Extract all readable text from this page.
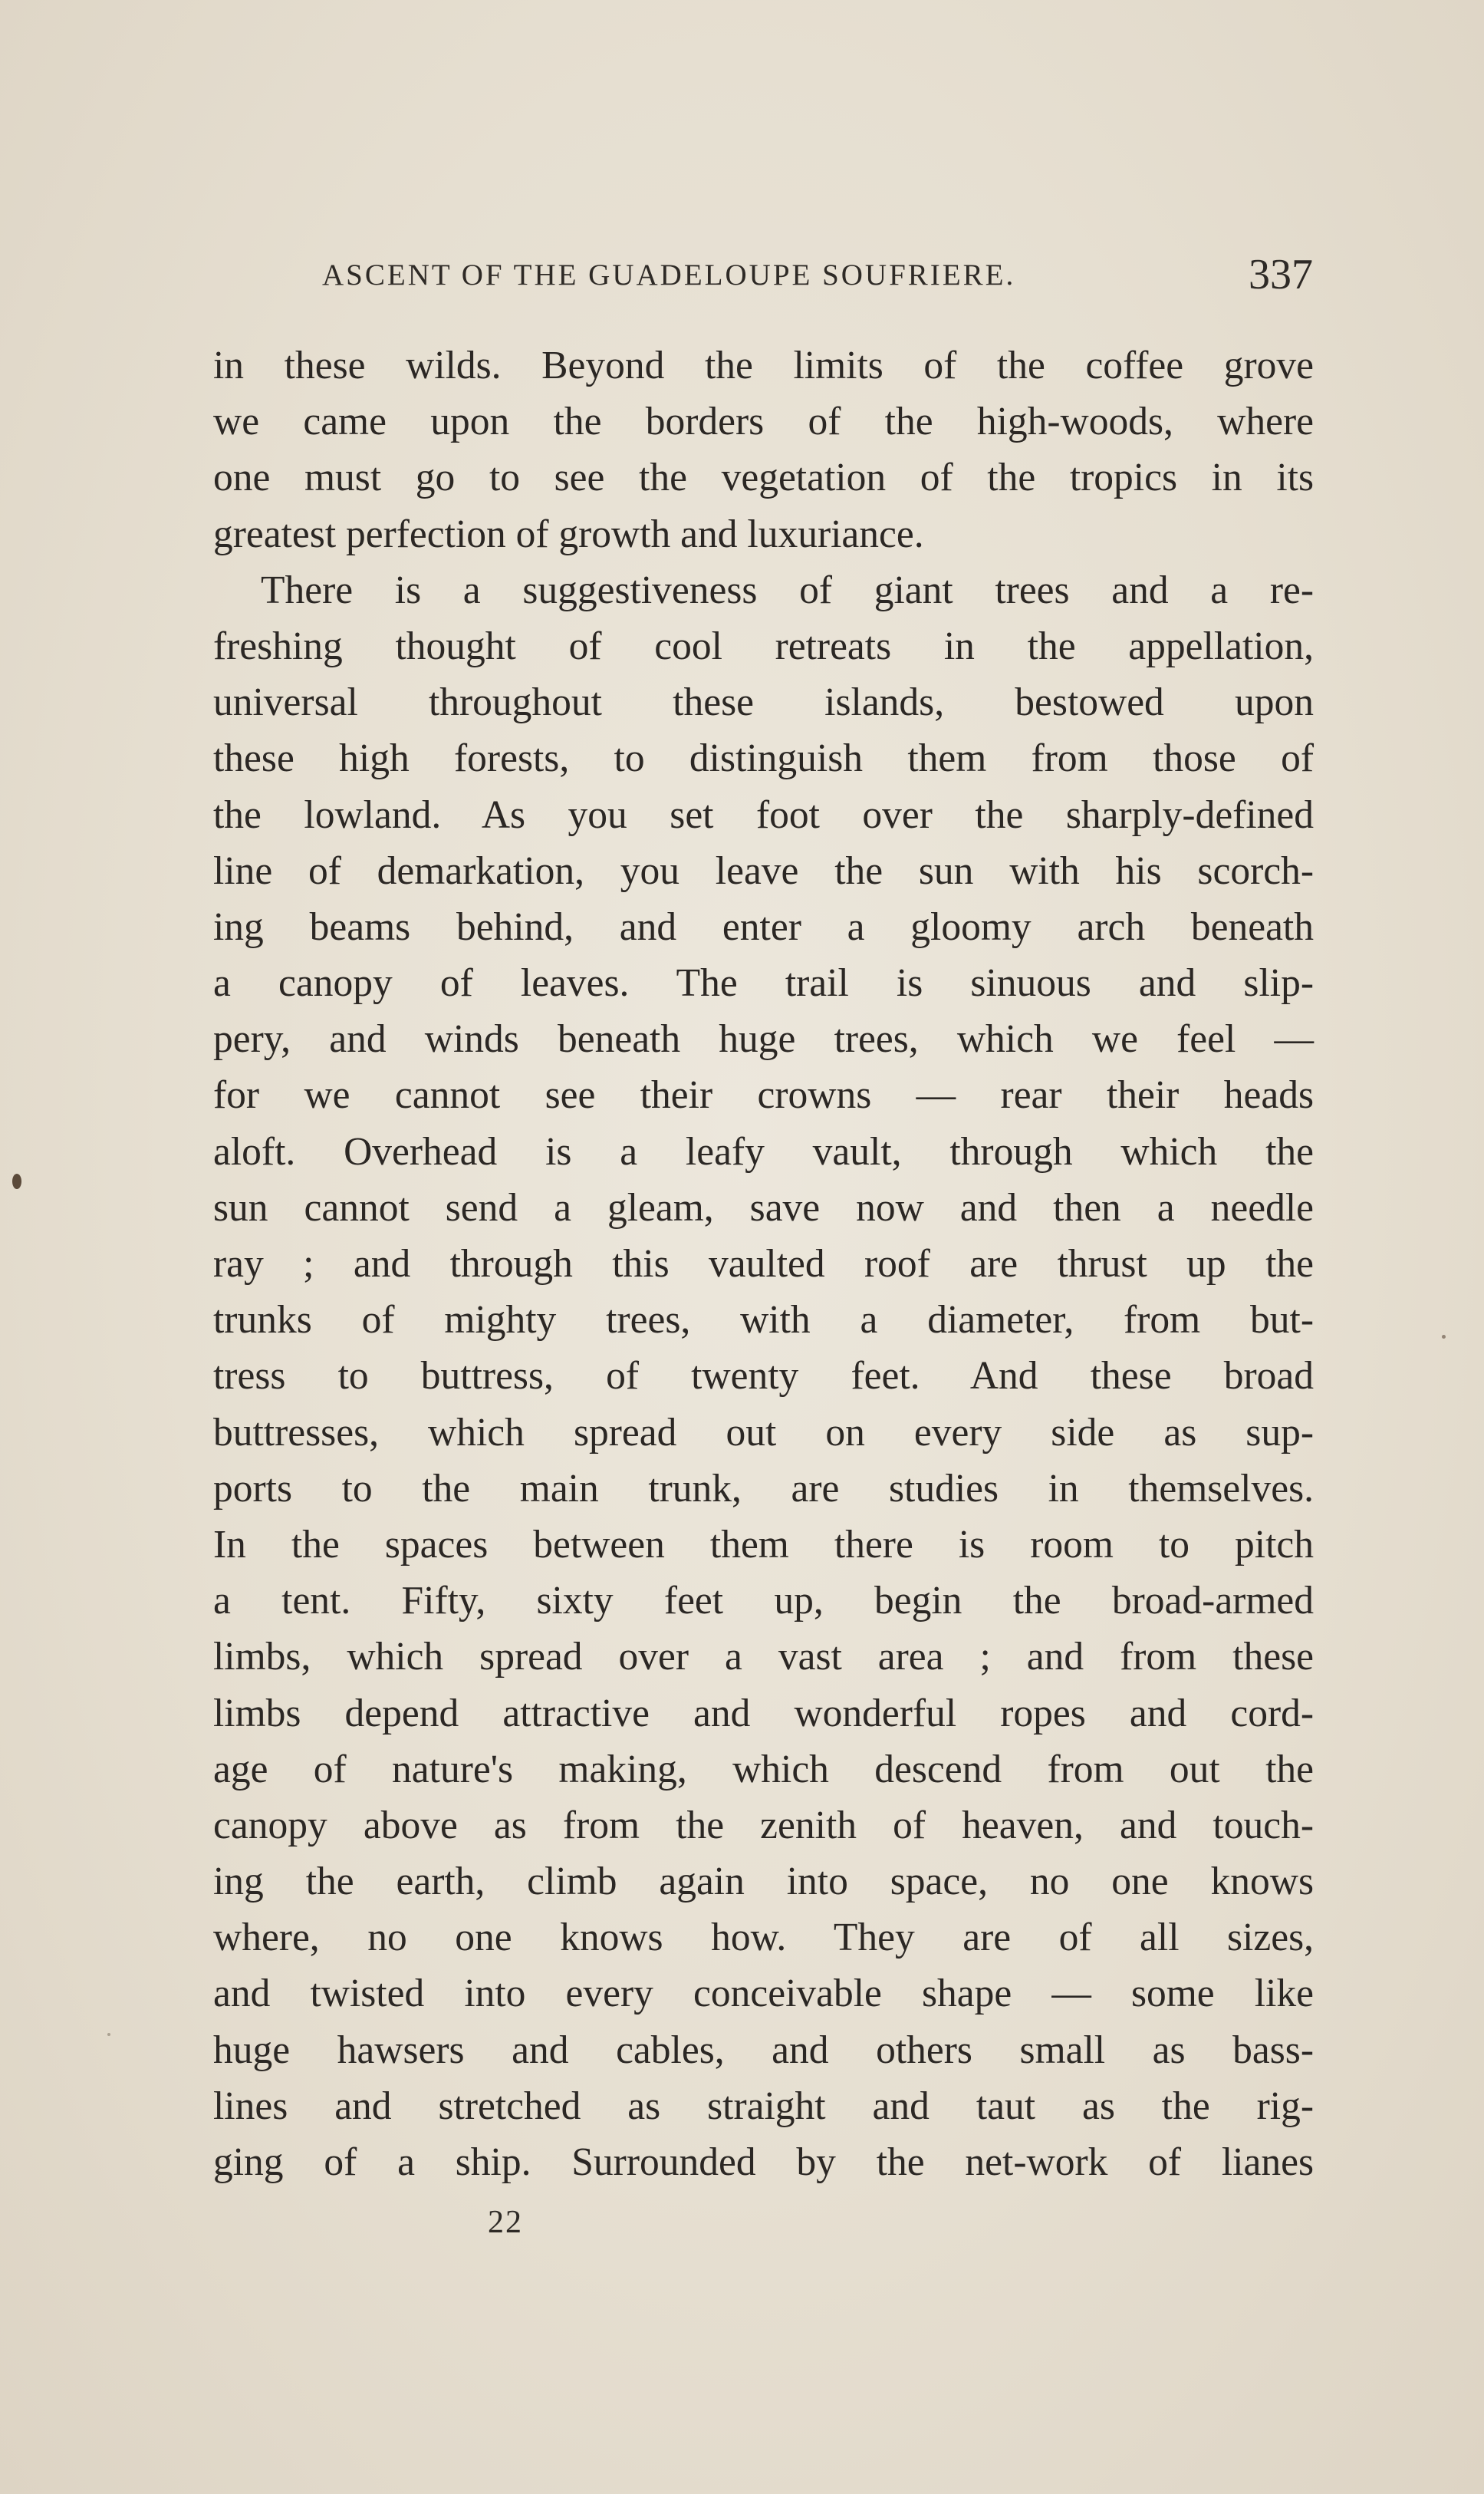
ASCENT OF THE GUADELOUPE SOUFRIERE.	337
in these wilds. Beyond the limits of the coffee grove
we came upon the borders of the high-woods, where
one must go to see the vegetation of the tropics in its
greatest perfection of growth and luxuriance.
There is a suggestiveness of giant trees and a re-
freshing thought of cool retreats in the appellation,
universal throughout these islands, bestowed upon
these high forests, to distinguish them from those of
the lowland. As you set foot over the sharply-defined
line of demarkation, you leave the sun with his scorch-
ing beams behind, and enter a gloomy arch beneath
a canopy of leaves. The trail is sinuous and slip-
pery, and winds beneath huge trees, which we feel —
for we cannot see their crowns — rear their heads
aloft. Overhead is a leafy vault, through which the
sun cannot send a gleam, save now and then a needle
ray ; and through this vaulted roof are thrust up the
trunks of mighty trees, with a diameter, from but-
tress to buttress, of twenty feet. And these broad
buttresses, which spread out on every side as sup-
ports to the main trunk, are studies in themselves.
In the spaces between them there is room to pitch
a tent. Fifty, sixty feet up, begin the broad-armed
limbs, which spread over a vast area ; and from these
limbs depend attractive and wonderful ropes and cord-
age of nature's making, which descend from out the
canopy above as from the zenith of heaven, and touch-
ing the earth, climb again into space, no one knows
where, no one knows how. They are of all sizes,
and twisted into every conceivable shape — some like
huge hawsers and cables, and others small as bass-
lines and stretched as straight and taut as the rig-
ging of a ship. Surrounded by the net-work of lianes
22
